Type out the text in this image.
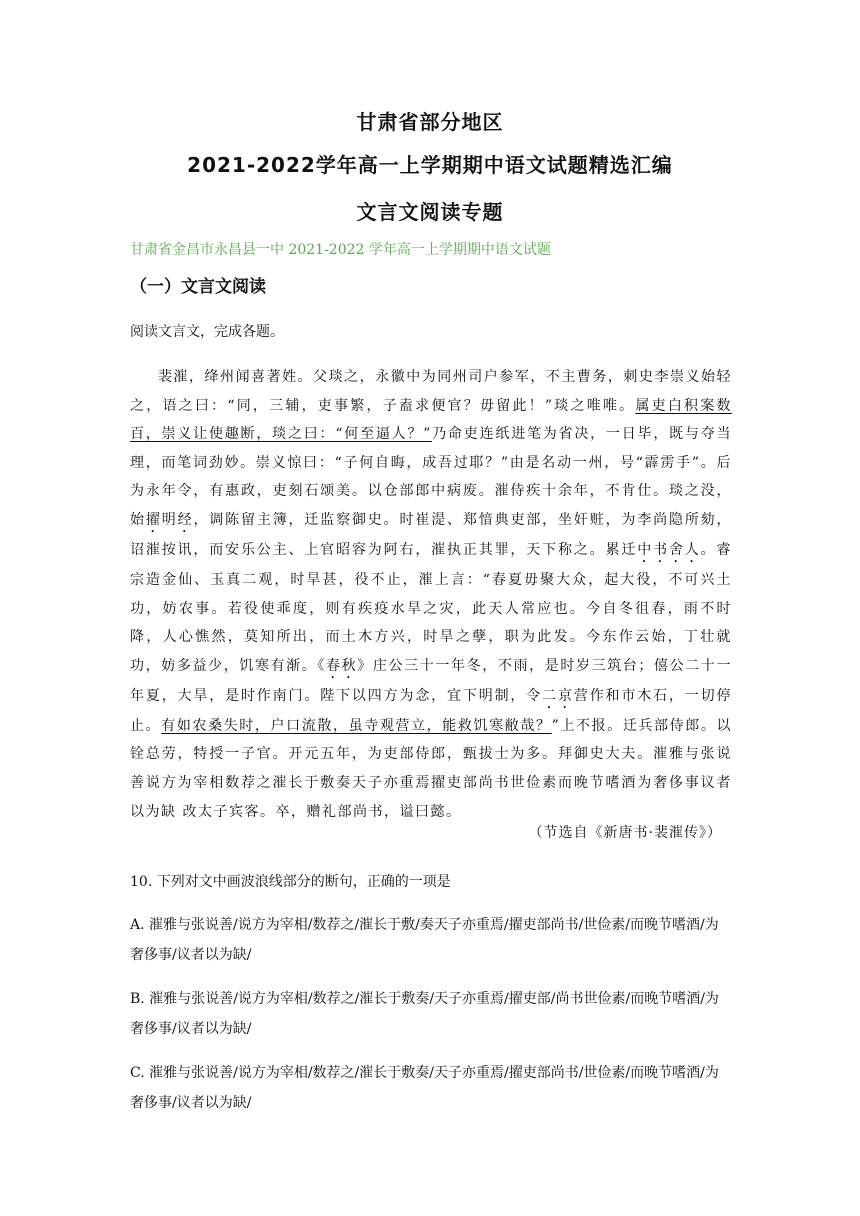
甘肃省部分地区
2021-2022学年高一上学期期中语文试题精选汇编
文言文阅读专题
甘肃省金昌市永昌县一中 2021-2022 学年高一上学期期中语文试题
（一）文言文阅读
阅读文言文，完成各题。

裴漼，绛州闻喜著姓。父琰之，永徽中为同州司户参军，不主曹务，刺史李崇义始轻之，语之曰：“同，三辅，吏事繁，子盍求便官？毋留此！”琰之唯唯。属吏白积案数百，崇义让使趣断，琰之曰：“何至逼人？”乃命吏连纸进笔为省决，一日毕，既与夺当理，而笔词劲妙。崇义惊曰：“子何自晦，成吾过耶？”由是名动一州，号“霹雳手”。后为永年令，有惠政，吏刻石颂美。以仓部郎中病废。漼侍疾十余年，不肯仕。琰之没，始擢明经，调陈留主簿，迁监察御史。时崔湜、郑愔典吏部，坐奸赃，为李尚隐所劾，诏漼按讯，而安乐公主、上官昭容为阿右，漼执正其罪，天下称之。累迁中书舍人。睿宗造金仙、玉真二观，时旱甚，役不止，漼上言：“春夏毋聚大众，起大役，不可兴土功，妨农事。若役使乖度，则有疾疫水旱之灾，此天人常应也。今自冬徂春，雨不时降，人心憔然，莫知所出，而土木方兴，时旱之孽，职为此发。今东作云始，丁壮就功，妨多益少，饥寒有渐。《春秋》庄公三十一年冬，不雨，是时岁三筑台；僖公二十一年夏，大旱，是时作南门。陛下以四方为念，宜下明制，令二京营作和市木石，一切停止。有如农桑失时，户口流散，虽寺观营立，能救饥寒敝哉？”上不报。迁兵部侍郎。以铨总劳，特授一子官。开元五年，为吏部侍郎，甄拔士为多。拜御史大夫。漼雅与张说善说方为宰相数荐之漼长于敷奏天子亦重焉擢吏部尚书世俭素而晚节嗜酒为奢侈事议者以为缺 改太子宾客。卒，赠礼部尚书，谥曰懿。

（节选自《新唐书·裴漼传》）
10. 下列对文中画波浪线部分的断句，正确的一项是
A. 漼雅与张说善/说方为宰相/数荐之/漼长于敷/奏天子亦重焉/擢吏部尚书/世俭素/而晚节嗜酒/为奢侈事/议者以为缺/
B. 漼雅与张说善/说方为宰相/数荐之/漼长于敷奏/天子亦重焉/擢吏部/尚书世俭素/而晚节嗜酒/为奢侈事/议者以为缺/
C. 漼雅与张说善/说方为宰相/数荐之/漼长于敷奏/天子亦重焉/擢吏部尚书/世俭素/而晚节嗜酒/为奢侈事/议者以为缺/
